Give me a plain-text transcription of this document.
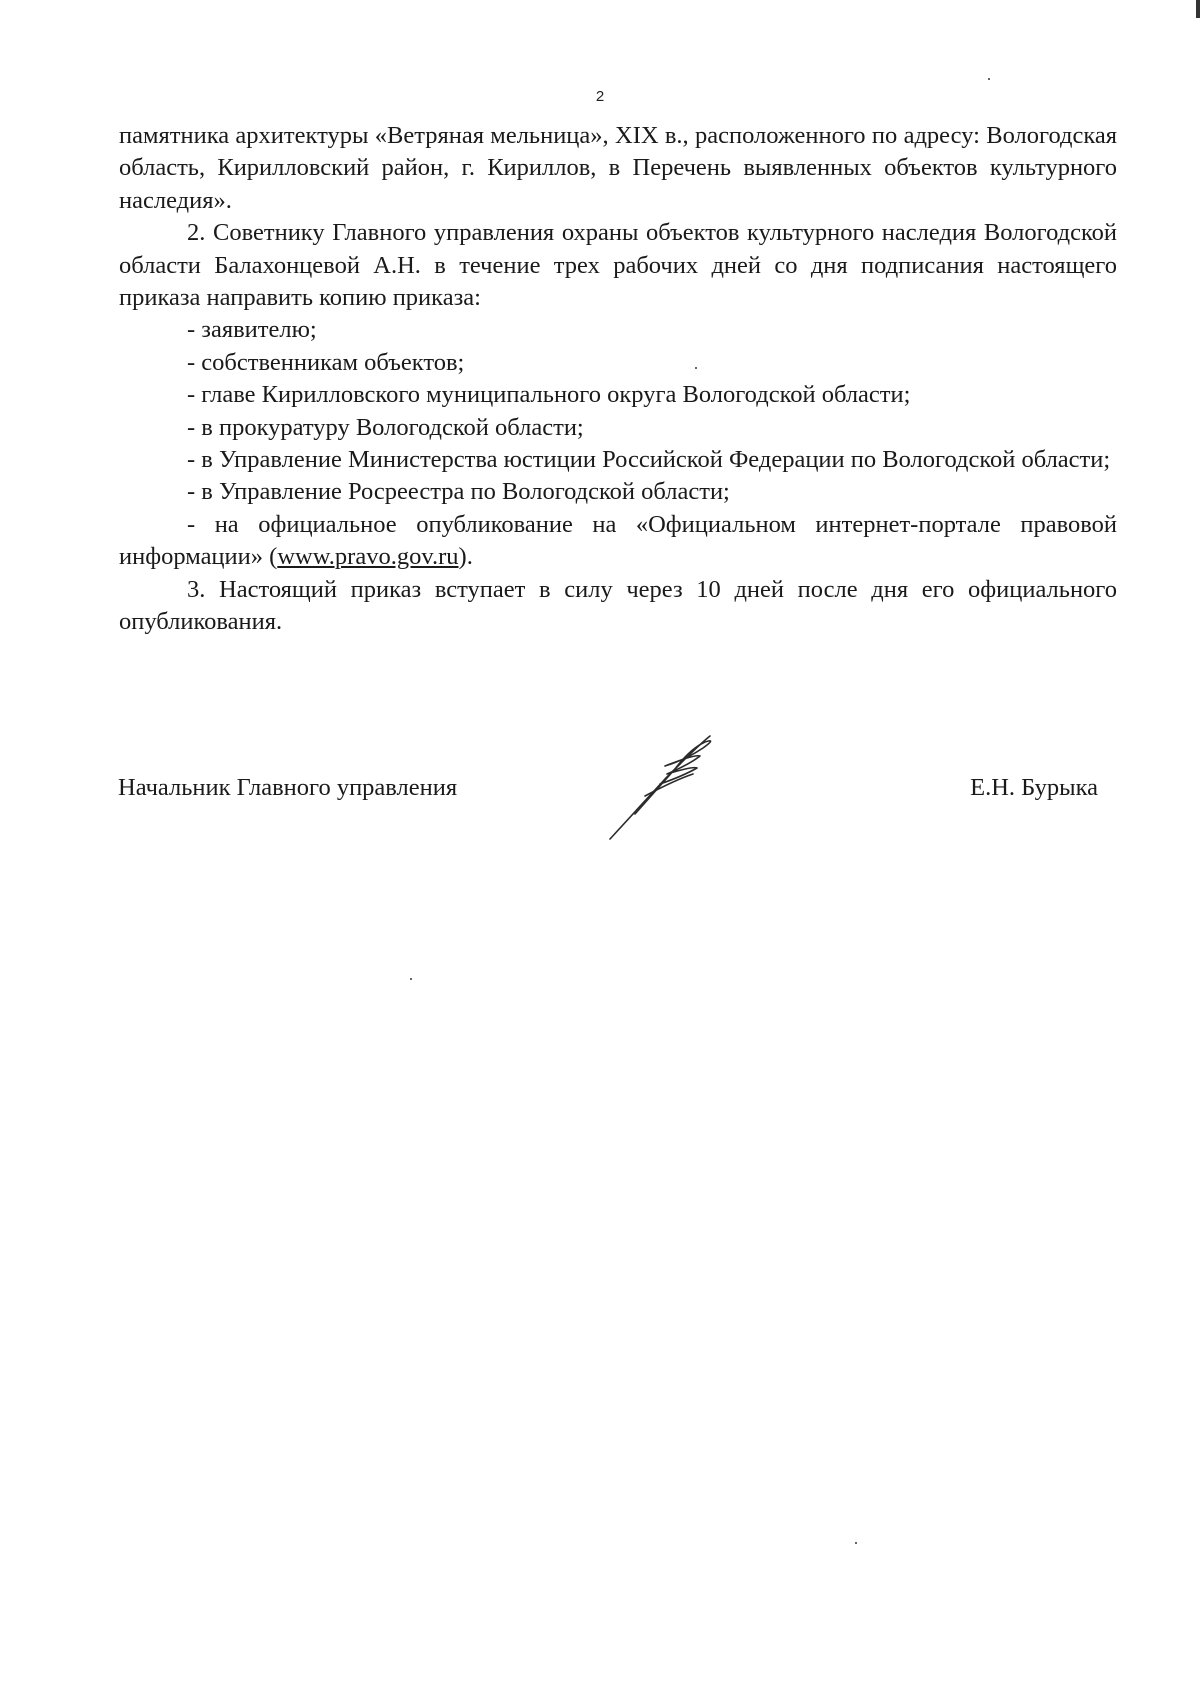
2

памятника архитектуры «Ветряная мельница», XIX в., расположенного по адресу: Вологодская область, Кирилловский район, г. Кириллов, в Перечень выявленных объектов культурного наследия».

2. Советнику Главного управления охраны объектов культурного наследия Вологодской области Балахонцевой А.Н. в течение трех рабочих дней со дня подписания настоящего приказа направить копию приказа:

- заявителю;

- собственникам объектов;

- главе Кирилловского муниципального округа Вологодской области;

- в прокуратуру Вологодской области;

- в Управление Министерства юстиции Российской Федерации по Вологодской области;

- в Управление Росреестра по Вологодской области;

- на официальное опубликование на «Официальном интернет-портале правовой информации» (www.pravo.gov.ru).

3. Настоящий приказ вступает в силу через 10 дней после дня его официального опубликования.

Начальник Главного управления	Е.Н. Бурыка
